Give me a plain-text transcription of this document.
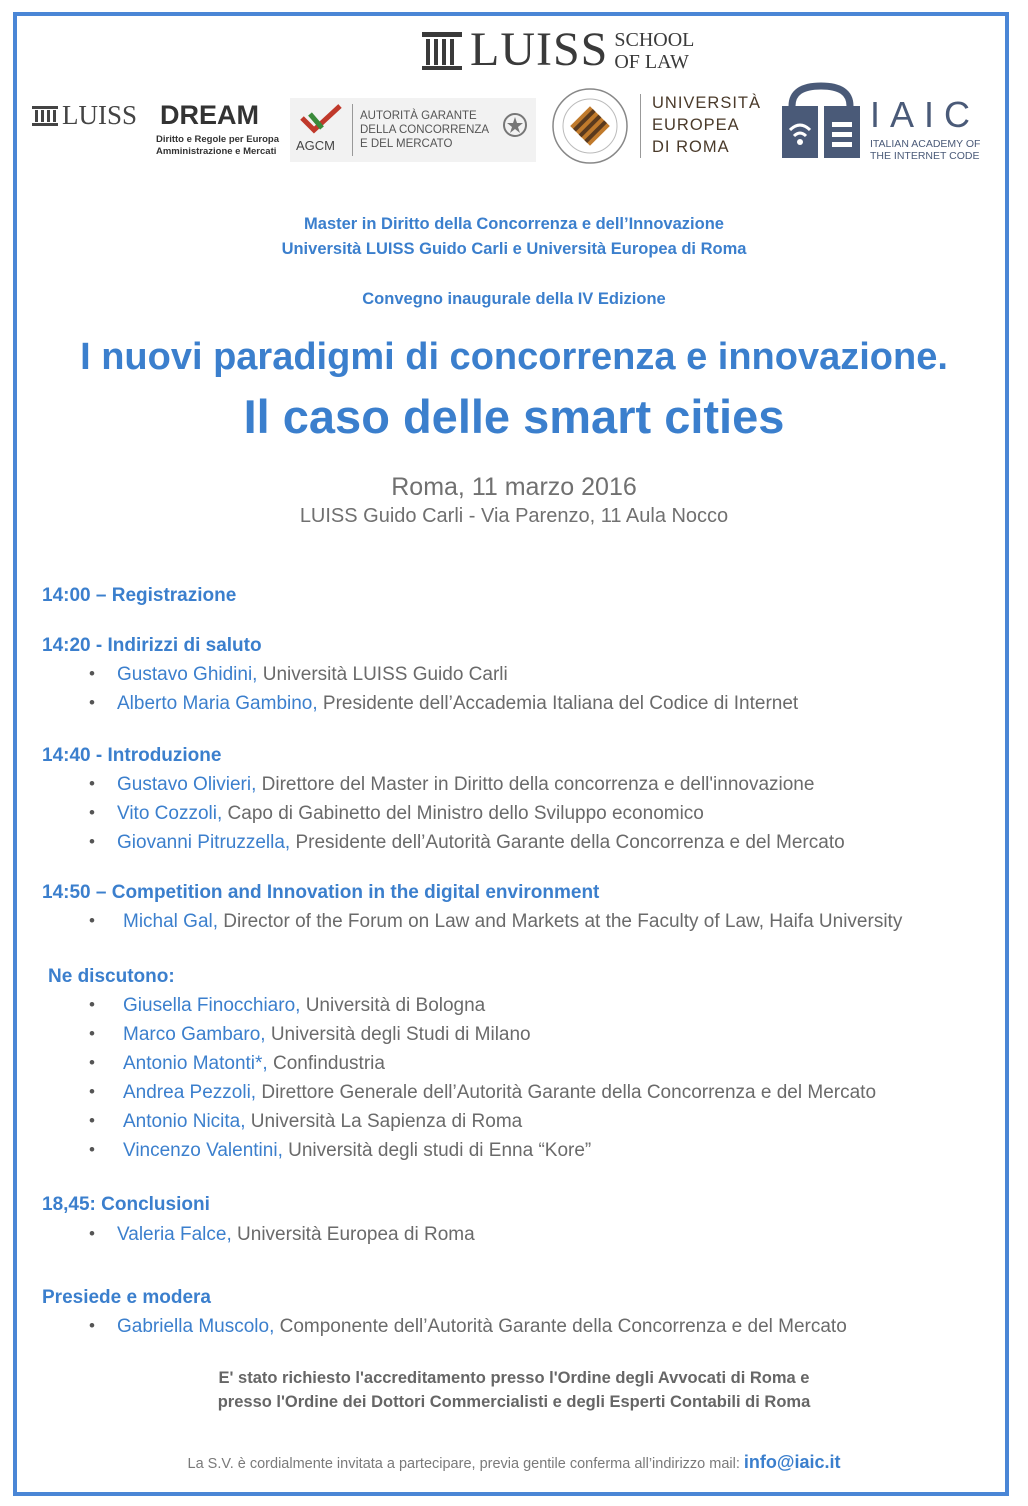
LUISS SCHOOL
OF LAW
LUISS DREAM
Diritto e Regole per Europa
Amministrazione e Mercati AGCM
AUTORITÀ GARANTE
DELLA CONCORRENZA
E DEL MERCATO
UNIVERSITÀ
EUROPEA
DI ROMA
IAIC
ITALIAN ACADEMY OF
THE INTERNET CODE
Master in Diritto della Concorrenza e dell’Innovazione
Università LUISS Guido Carli e Università Europea di Roma
Convegno inaugurale della IV Edizione
I nuovi paradigmi di concorrenza e innovazione.
Il caso delle smart cities
Roma, 11 marzo 2016
LUISS Guido Carli - Via Parenzo, 11 Aula Nocco
14:00 – Registrazione
14:20 - Indirizzi di saluto
• Gustavo Ghidini, Università LUISS Guido Carli
• Alberto Maria Gambino, Presidente dell’Accademia Italiana del Codice di Internet
14:40 - Introduzione
• Gustavo Olivieri, Direttore del Master in Diritto della concorrenza e dell'innovazione
• Vito Cozzoli, Capo di Gabinetto del Ministro dello Sviluppo economico
• Giovanni Pitruzzella, Presidente dell’Autorità Garante della Concorrenza e del Mercato
14:50 – Competition and Innovation in the digital environment
• Michal Gal, Director of the Forum on Law and Markets at the Faculty of Law, Haifa University
Ne discutono:
• Giusella Finocchiaro, Università di Bologna
• Marco Gambaro, Università degli Studi di Milano
• Antonio Matonti*, Confindustria
• Andrea Pezzoli, Direttore Generale dell’Autorità Garante della Concorrenza e del Mercato
• Antonio Nicita, Università La Sapienza di Roma
• Vincenzo Valentini, Università degli studi di Enna “Kore”
18,45: Conclusioni
• Valeria Falce, Università Europea di Roma
Presiede e modera
• Gabriella Muscolo, Componente dell’Autorità Garante della Concorrenza e del Mercato
E' stato richiesto l'accreditamento presso l'Ordine degli Avvocati di Roma e
presso l'Ordine dei Dottori Commercialisti e degli Esperti Contabili di Roma
La S.V. è cordialmente invitata a partecipare, previa gentile conferma all’indirizzo mail: info@iaic.it
